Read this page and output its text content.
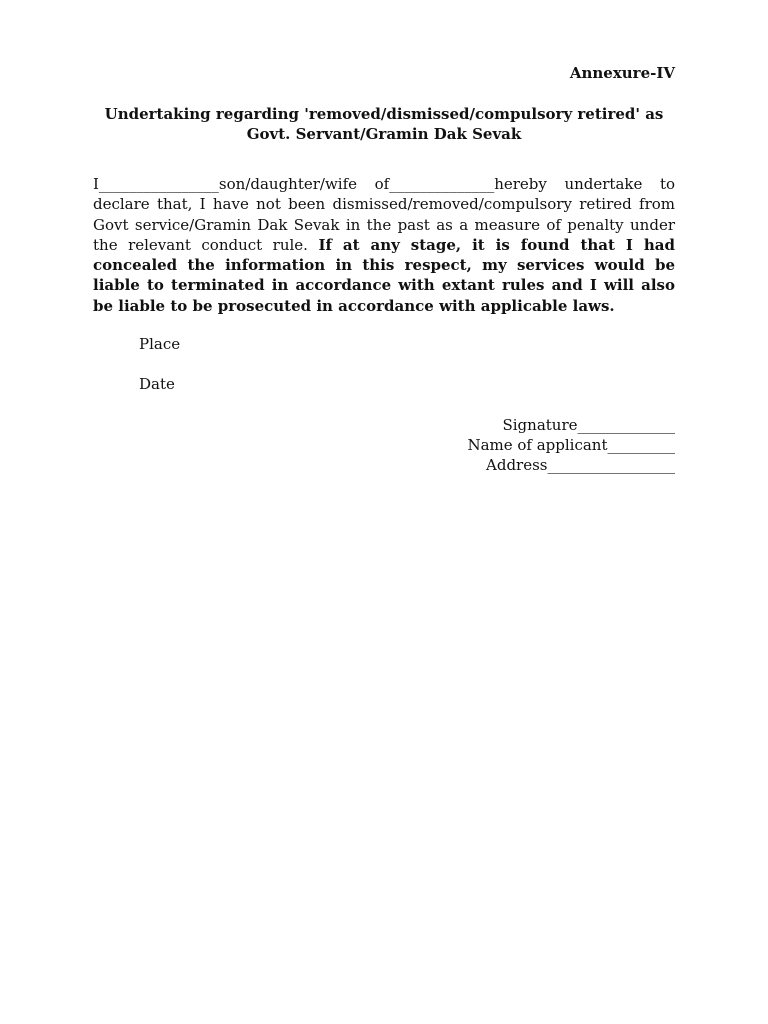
Annexure-IV
Undertaking regarding 'removed/dismissed/compulsory retired' as Govt. Servant/Gramin Dak Sevak
I________________son/daughter/wife of______________hereby undertake to declare that, I have not been dismissed/removed/compulsory retired from Govt service/Gramin Dak Sevak in the past as a measure of penalty under the relevant conduct rule. If at any stage, it is found that I had concealed the information in this respect, my services would be liable to terminated in accordance with extant rules and I will also be liable to be prosecuted in accordance with applicable laws.
Place
Date
Signature_____________
Name of applicant_________
Address_________________
